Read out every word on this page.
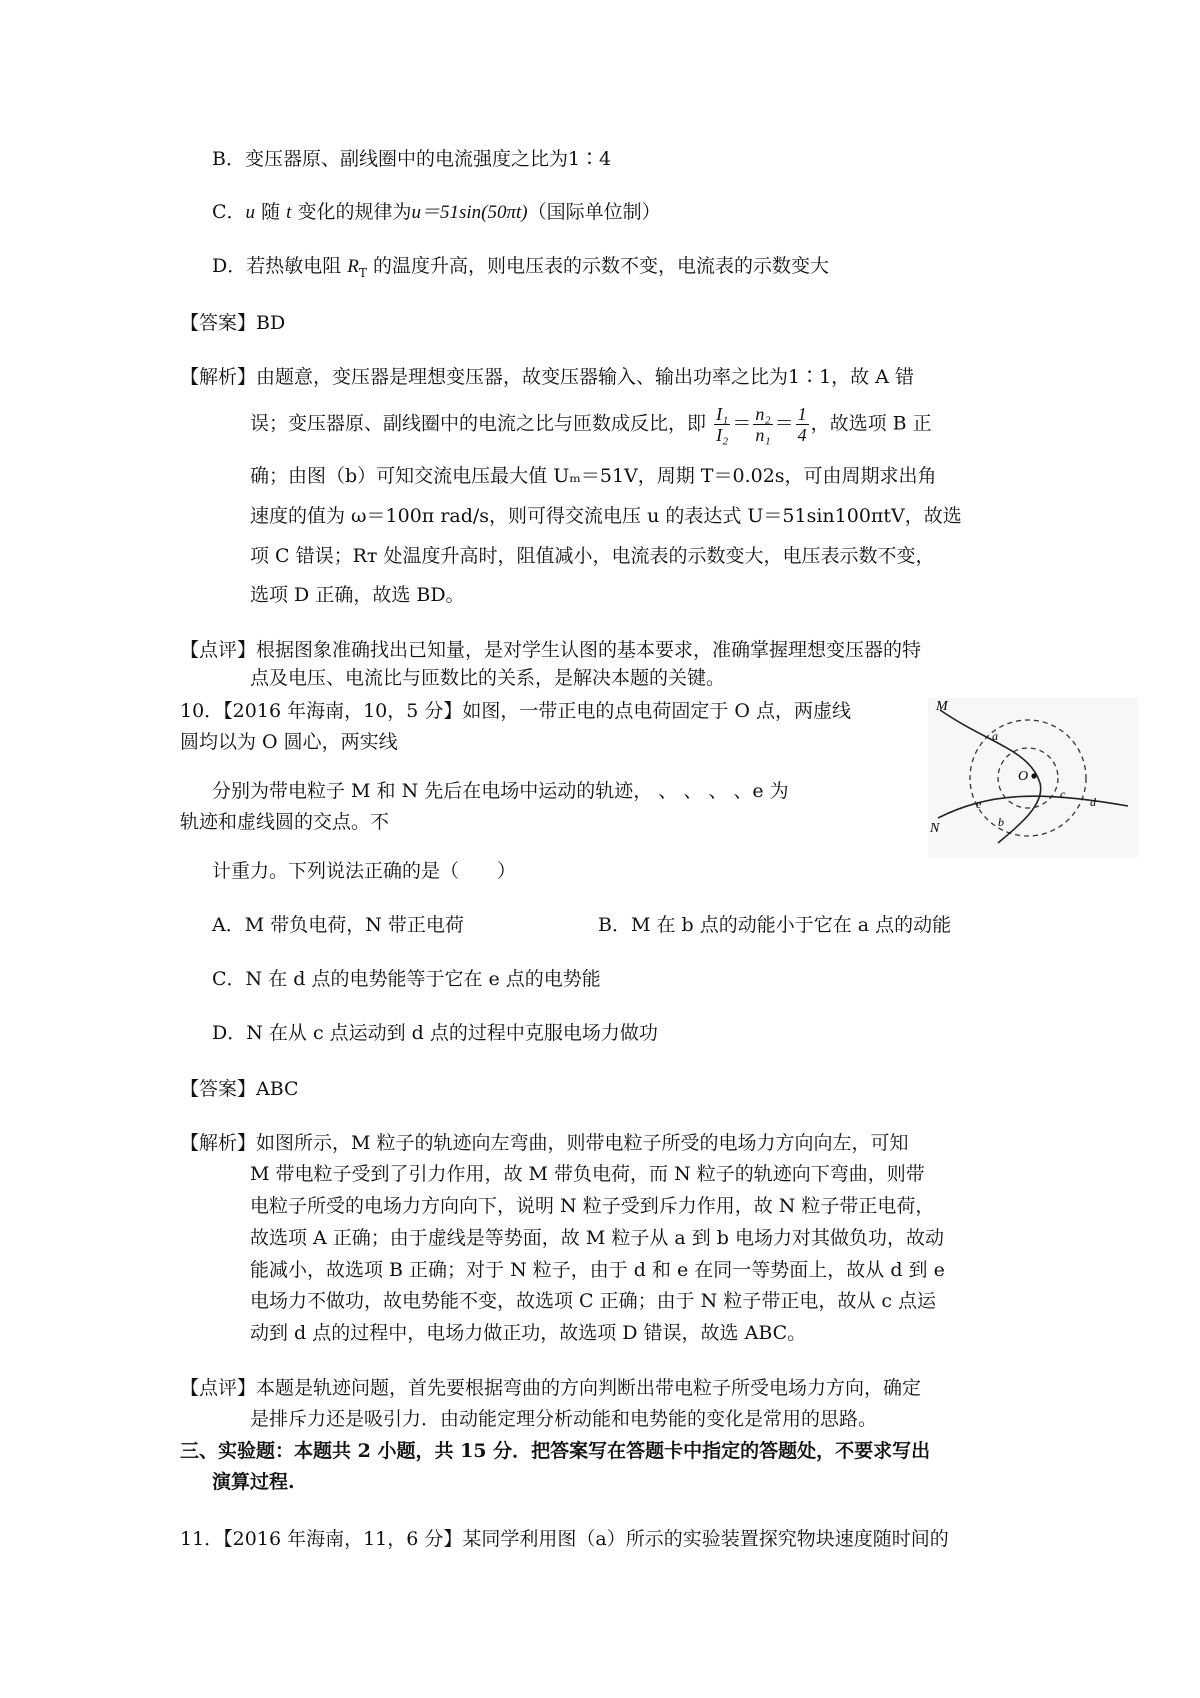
B．变压器原、副线圈中的电流强度之比为1∶4
C．u 随 t 变化的规律为u＝51sin(50πt)（国际单位制）
D．若热敏电阻 $R_T$ 的温度升高，则电压表的示数不变，电流表的示数变大
【答案】BD
【解析】由题意，变压器是理想变压器，故变压器输入、输出功率之比为1∶1，故 A 错
误；变压器原、副线圈中的电流之比与匝数成反比，即 $\frac{\text{I₁}}{\text{I₂}} = \frac{\text{n₂}}{\text{n₁}} = \frac{1}{4}$ ，故选项 B 正
确；由图（b）可知交流电压最大值 Uₘ＝51V，周期 T＝0.02s，可由周期求出角
速度的值为 ω＝100π rad/s，则可得交流电压 u 的表达式 U＝51sin100πtV，故选
项 C 错误；Rᴛ 处温度升高时，阻值减小，电流表的示数变大，电压表示数不变，
选项 D 正确，故选 BD。
【点评】根据图象准确找出已知量，是对学生认图的基本要求，准确掌握理想变压器的特
点及电压、电流比与匝数比的关系，是解决本题的关键。
10．【2016 年海南，10，5 分】如图，一带正电的点电荷固定于 O 点，两虚线
圆均以为 O 圆心，两实线
分别为带电粒子 M 和 N 先后在电场中运动的轨迹， 、 、 、 、e 为
轨迹和虚线圆的交点。不
计重力。下列说法正确的是（　　）
M
N
O
a
b
c
d
e
A．M 带负电荷，N 带正电荷	B．M 在 b 点的动能小于它在 a 点的动能
C．N 在 d 点的电势能等于它在 e 点的电势能
D．N 在从 c 点运动到 d 点的过程中克服电场力做功
【答案】ABC
【解析】如图所示，M 粒子的轨迹向左弯曲，则带电粒子所受的电场力方向向左，可知
M 带电粒子受到了引力作用，故 M 带负电荷，而 N 粒子的轨迹向下弯曲，则带
电粒子所受的电场力方向向下，说明 N 粒子受到斥力作用，故 N 粒子带正电荷，
故选项 A 正确；由于虚线是等势面，故 M 粒子从 a 到 b 电场力对其做负功，故动
能减小，故选项 B 正确；对于 N 粒子，由于 d 和 e 在同一等势面上，故从 d 到 e
电场力不做功，故电势能不变，故选项 C 正确；由于 N 粒子带正电，故从 c 点运
动到 d 点的过程中，电场力做正功，故选项 D 错误，故选 ABC。
【点评】本题是轨迹问题，首先要根据弯曲的方向判断出带电粒子所受电场力方向，确定
是排斥力还是吸引力．由动能定理分析动能和电势能的变化是常用的思路。
三、实验题：本题共 2 小题，共 15 分．把答案写在答题卡中指定的答题处，不要求写出
演算过程.
11．【2016 年海南，11，6 分】某同学利用图（a）所示的实验装置探究物块速度随时间的
